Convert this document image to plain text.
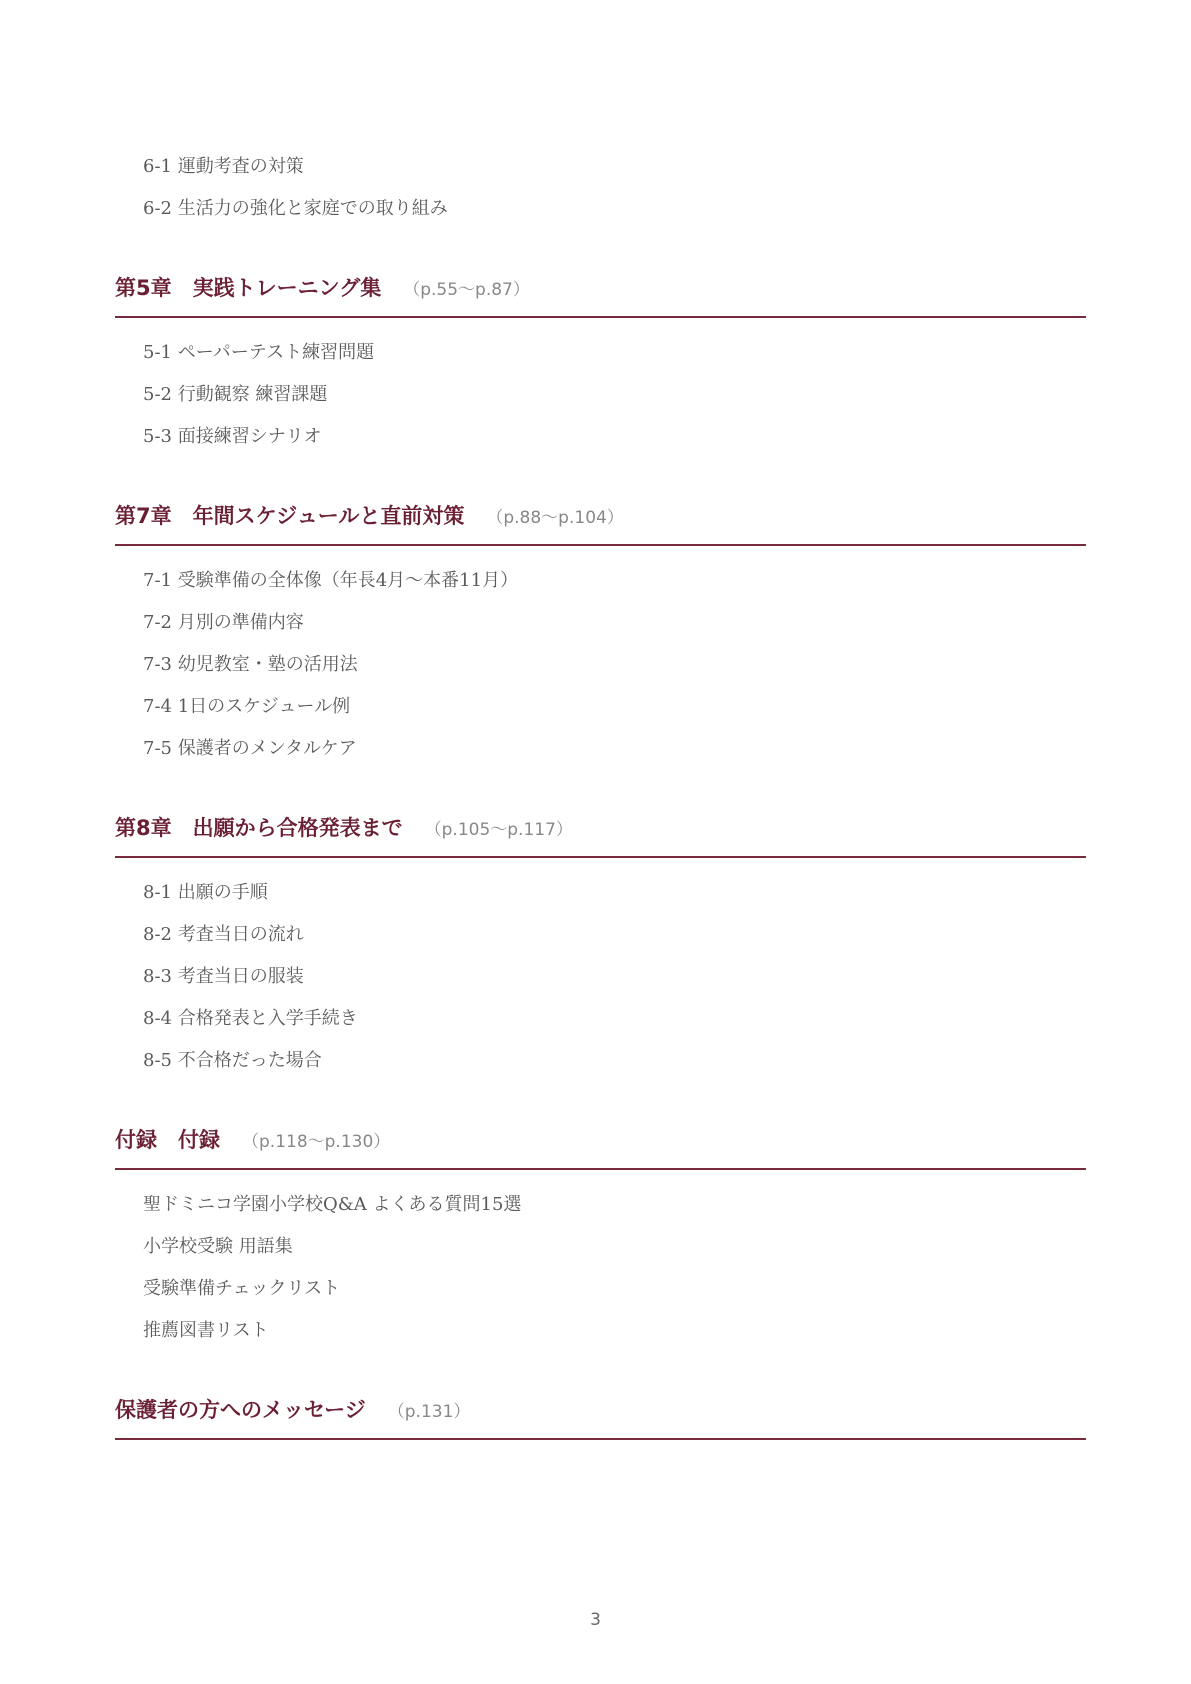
6-1 運動考査の対策
6-2 生活力の強化と家庭での取り組み
第5章　実践トレーニング集 （p.55〜p.87）
5-1 ペーパーテスト練習問題
5-2 行動観察 練習課題
5-3 面接練習シナリオ
第7章　年間スケジュールと直前対策 （p.88〜p.104）
7-1 受験準備の全体像（年長4月〜本番11月）
7-2 月別の準備内容
7-3 幼児教室・塾の活用法
7-4 1日のスケジュール例
7-5 保護者のメンタルケア
第8章　出願から合格発表まで （p.105〜p.117）
8-1 出願の手順
8-2 考査当日の流れ
8-3 考査当日の服装
8-4 合格発表と入学手続き
8-5 不合格だった場合
付録　付録 （p.118〜p.130）
聖ドミニコ学園小学校Q&A よくある質問15選
小学校受験 用語集
受験準備チェックリスト
推薦図書リスト
保護者の方へのメッセージ （p.131）
3
